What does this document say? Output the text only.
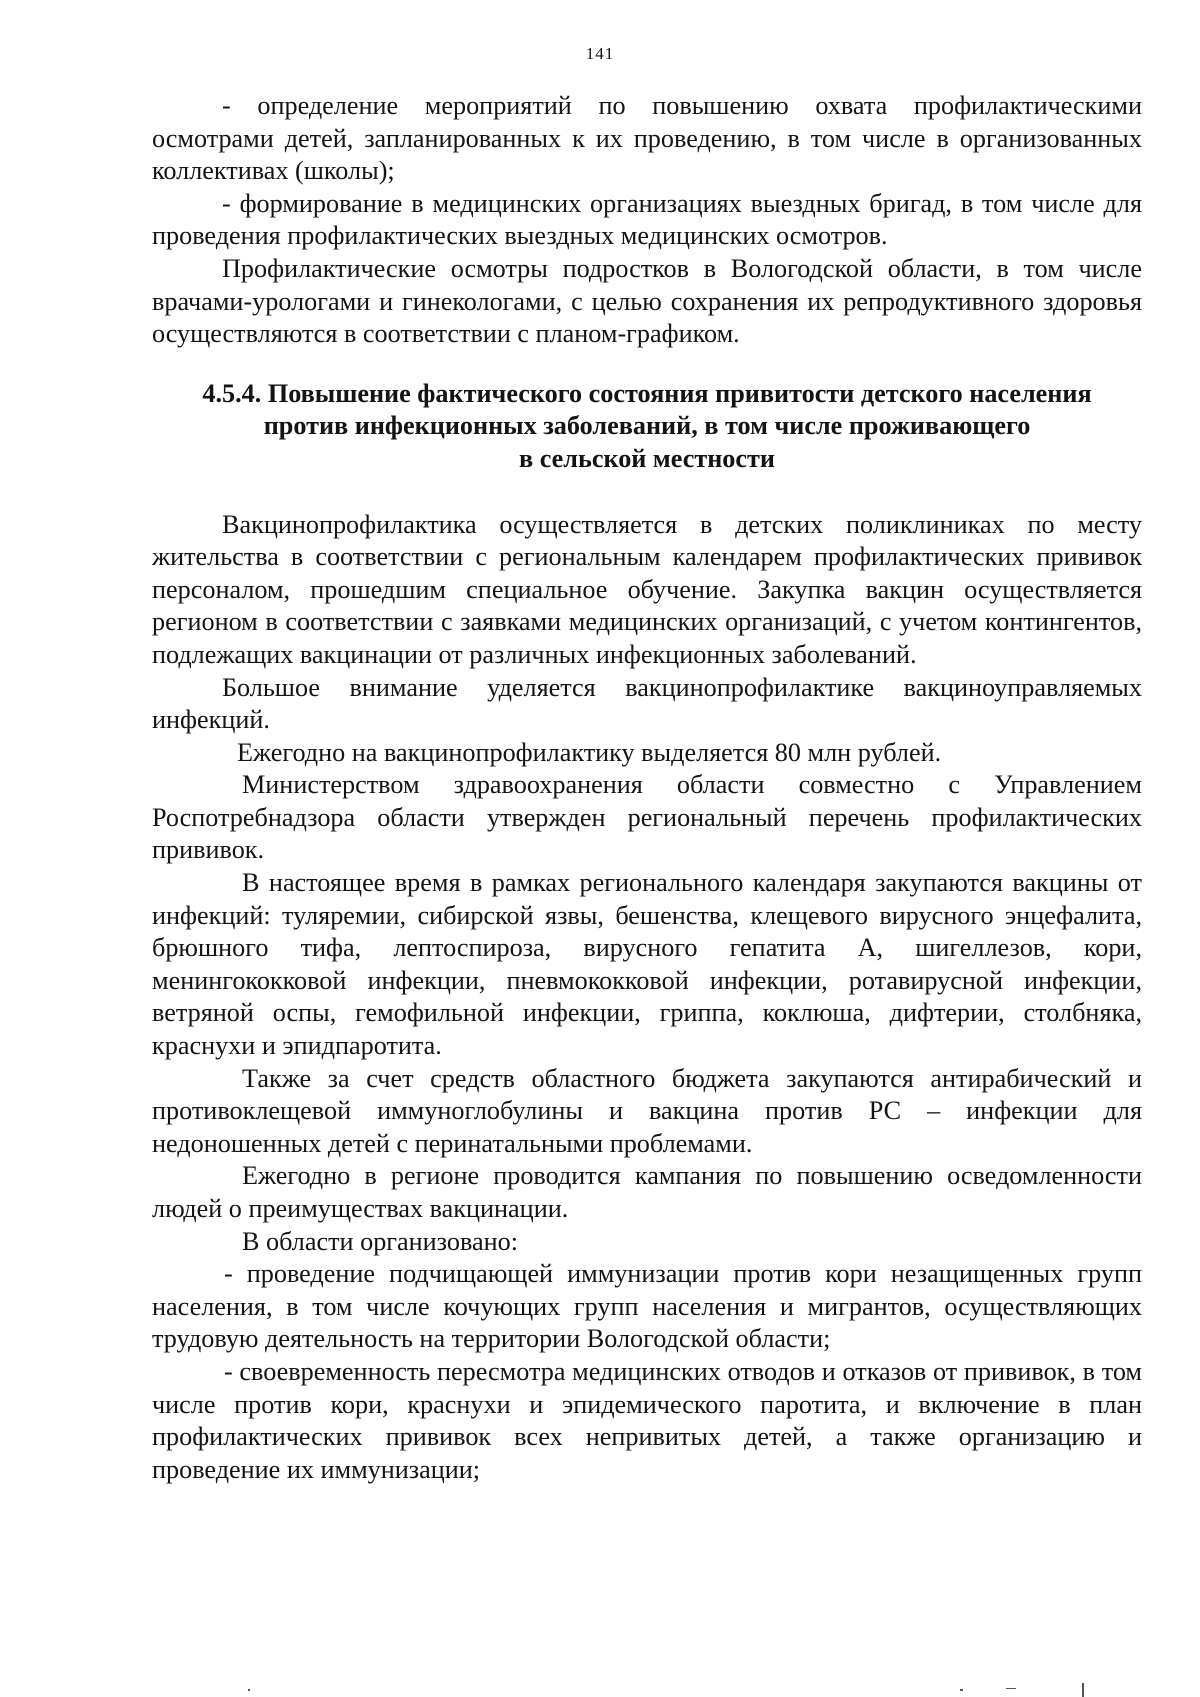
141

- определение мероприятий по повышению охвата профилактическими осмотрами детей, запланированных к их проведению, в том числе в организованных коллективах (школы);

- формирование в медицинских организациях выездных бригад, в том числе для проведения профилактических выездных медицинских осмотров.

Профилактические осмотры подростков в Вологодской области, в том числе врачами-урологами и гинекологами, с целью сохранения их репродуктивного здоровья осуществляются в соответствии с планом-графиком.

4.5.4. Повышение фактического состояния привитости детского населения
против инфекционных заболеваний, в том числе проживающего
в сельской местности

Вакцинопрофилактика осуществляется в детских поликлиниках по месту жительства в соответствии с региональным календарем профилактических прививок персоналом, прошедшим специальное обучение. Закупка вакцин осуществляется регионом в соответствии с заявками медицинских организаций, с учетом контингентов, подлежащих вакцинации от различных инфекционных заболеваний.

Большое внимание уделяется вакцинопрофилактике вакциноуправляемых инфекций.

Ежегодно на вакцинопрофилактику выделяется 80 млн рублей.

Министерством здравоохранения области совместно с Управлением Роспотребнадзора области утвержден региональный перечень профилактических прививок.

В настоящее время в рамках регионального календаря закупаются вакцины от инфекций: туляремии, сибирской язвы, бешенства, клещевого вирусного энцефалита, брюшного тифа, лептоспироза, вирусного гепатита А, шигеллезов, кори, менингококковой инфекции, пневмококковой инфекции, ротавирусной инфекции, ветряной оспы, гемофильной инфекции, гриппа, коклюша, дифтерии, столбняка, краснухи и эпидпаротита.

Также за счет средств областного бюджета закупаются антирабический и противоклещевой иммуноглобулины и вакцина против РС – инфекции для недоношенных детей с перинатальными проблемами.

Ежегодно в регионе проводится кампания по повышению осведомленности людей о преимуществах вакцинации.

В области организовано:

- проведение подчищающей иммунизации против кори незащищенных групп населения, в том числе кочующих групп населения и мигрантов, осуществляющих трудовую деятельность на территории Вологодской области;

- своевременность пересмотра медицинских отводов и отказов от прививок, в том числе против кори, краснухи и эпидемического паротита, и включение в план профилактических прививок всех непривитых детей, а также организацию и проведение их иммунизации;
